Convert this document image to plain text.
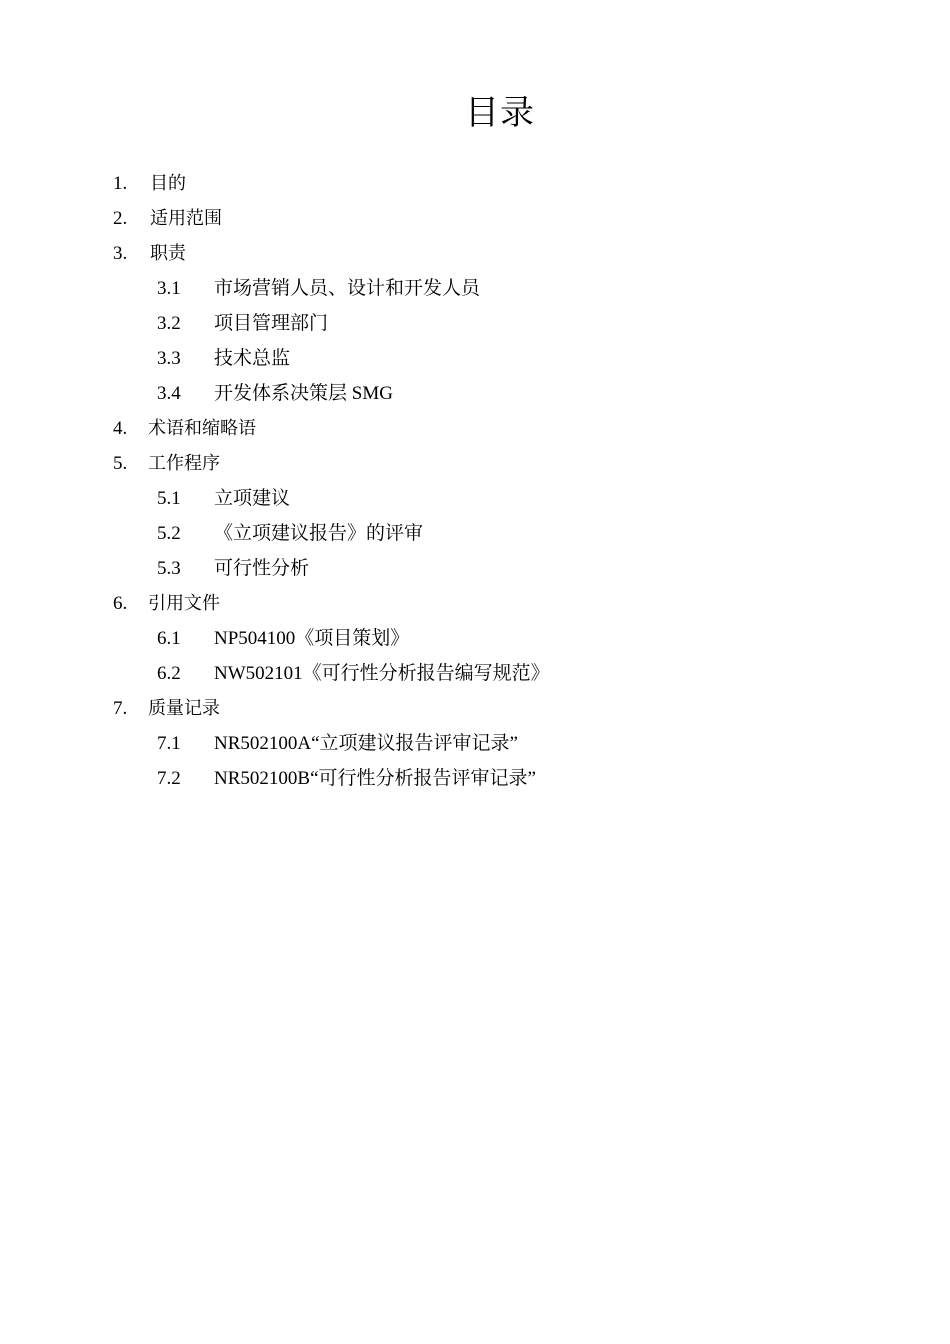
目录
1. 目的
2. 适用范围
3. 职责
3.1 市场营销人员、设计和开发人员
3.2 项目管理部门
3.3 技术总监
3.4 开发体系决策层 SMG
4. 术语和缩略语
5. 工作程序
5.1 立项建议
5.2 《立项建议报告》的评审
5.3 可行性分析
6. 引用文件
6.1 NP504100《项目策划》
6.2 NW502101《可行性分析报告编写规范》
7. 质量记录
7.1 NR502100A“立项建议报告评审记录”
7.2 NR502100B“可行性分析报告评审记录”
